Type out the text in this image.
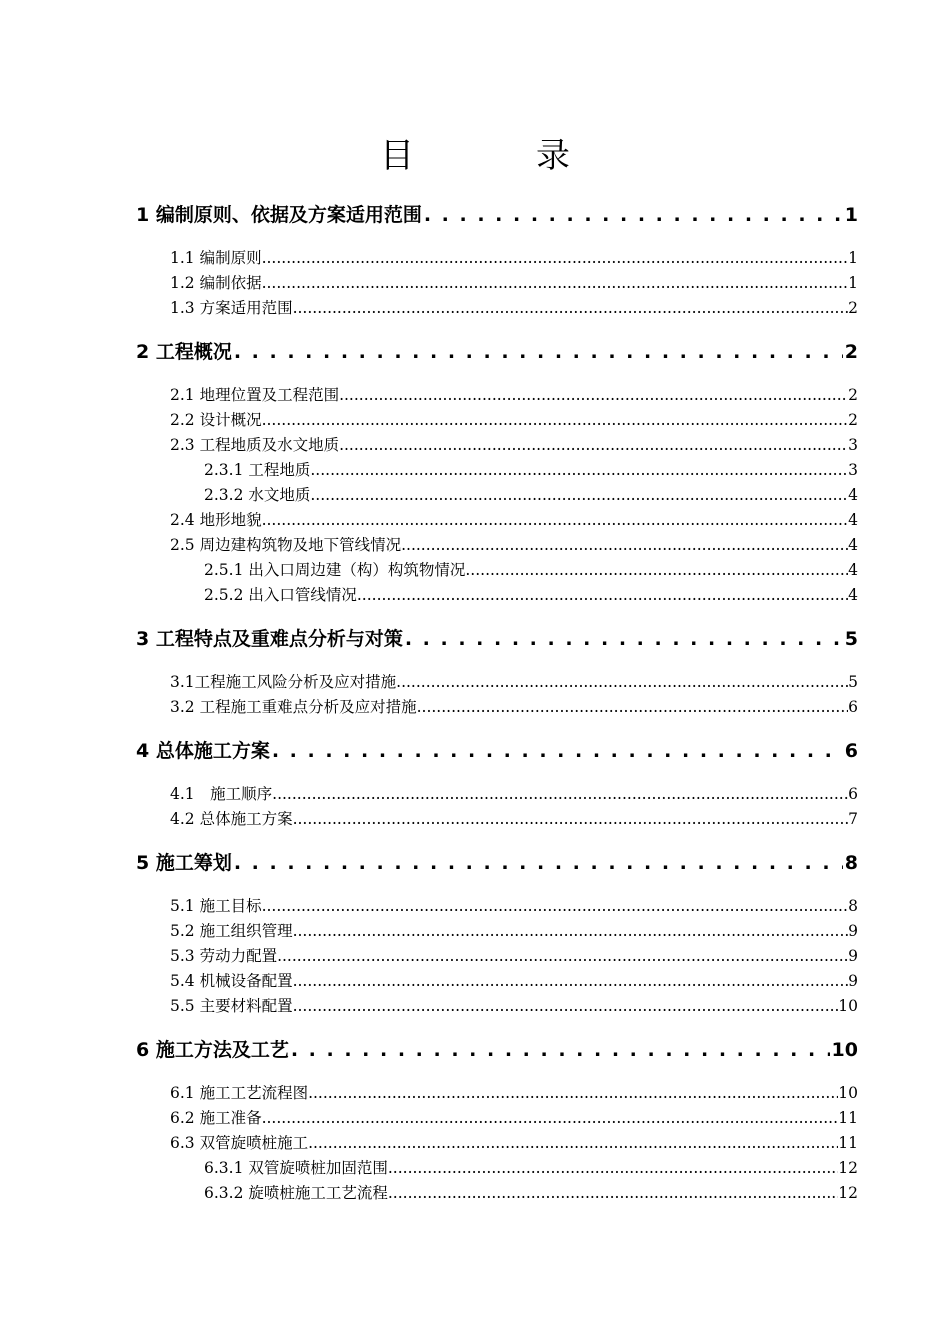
目　录
1 编制原则、依据及方案适用范围 . . .	1
1.1 编制原则 .....	1
1.2 编制依据 .....	1
1.3 方案适用范围 .....	2
2 工程概况 . . .	2
2.1 地理位置及工程范围 .....	2
2.2 设计概况 .....	2
2.3 工程地质及水文地质 .....	3
2.3.1 工程地质 .....	3
2.3.2 水文地质 .....	4
2.4 地形地貌 .....	4
2.5 周边建构筑物及地下管线情况 .....	4
2.5.1 出入口周边建（构）构筑物情况 .....	4
2.5.2 出入口管线情况 .....	4
3 工程特点及重难点分析与对策 . . .	5
3.1工程施工风险分析及应对措施 .....	5
3.2 工程施工重难点分析及应对措施 .....	6
4 总体施工方案 . . .	6
4.1　施工顺序 .....	6
4.2 总体施工方案 .....	7
5 施工筹划 . . .	8
5.1 施工目标 .....	8
5.2 施工组织管理 .....	9
5.3 劳动力配置 .....	9
5.4 机械设备配置 .....	9
5.5 主要材料配置 .....	10
6 施工方法及工艺 . . .	10
6.1 施工工艺流程图 .....	10
6.2 施工准备 .....	11
6.3 双管旋喷桩施工 .....	11
6.3.1 双管旋喷桩加固范围 .....	12
6.3.2 旋喷桩施工工艺流程 .....	12
